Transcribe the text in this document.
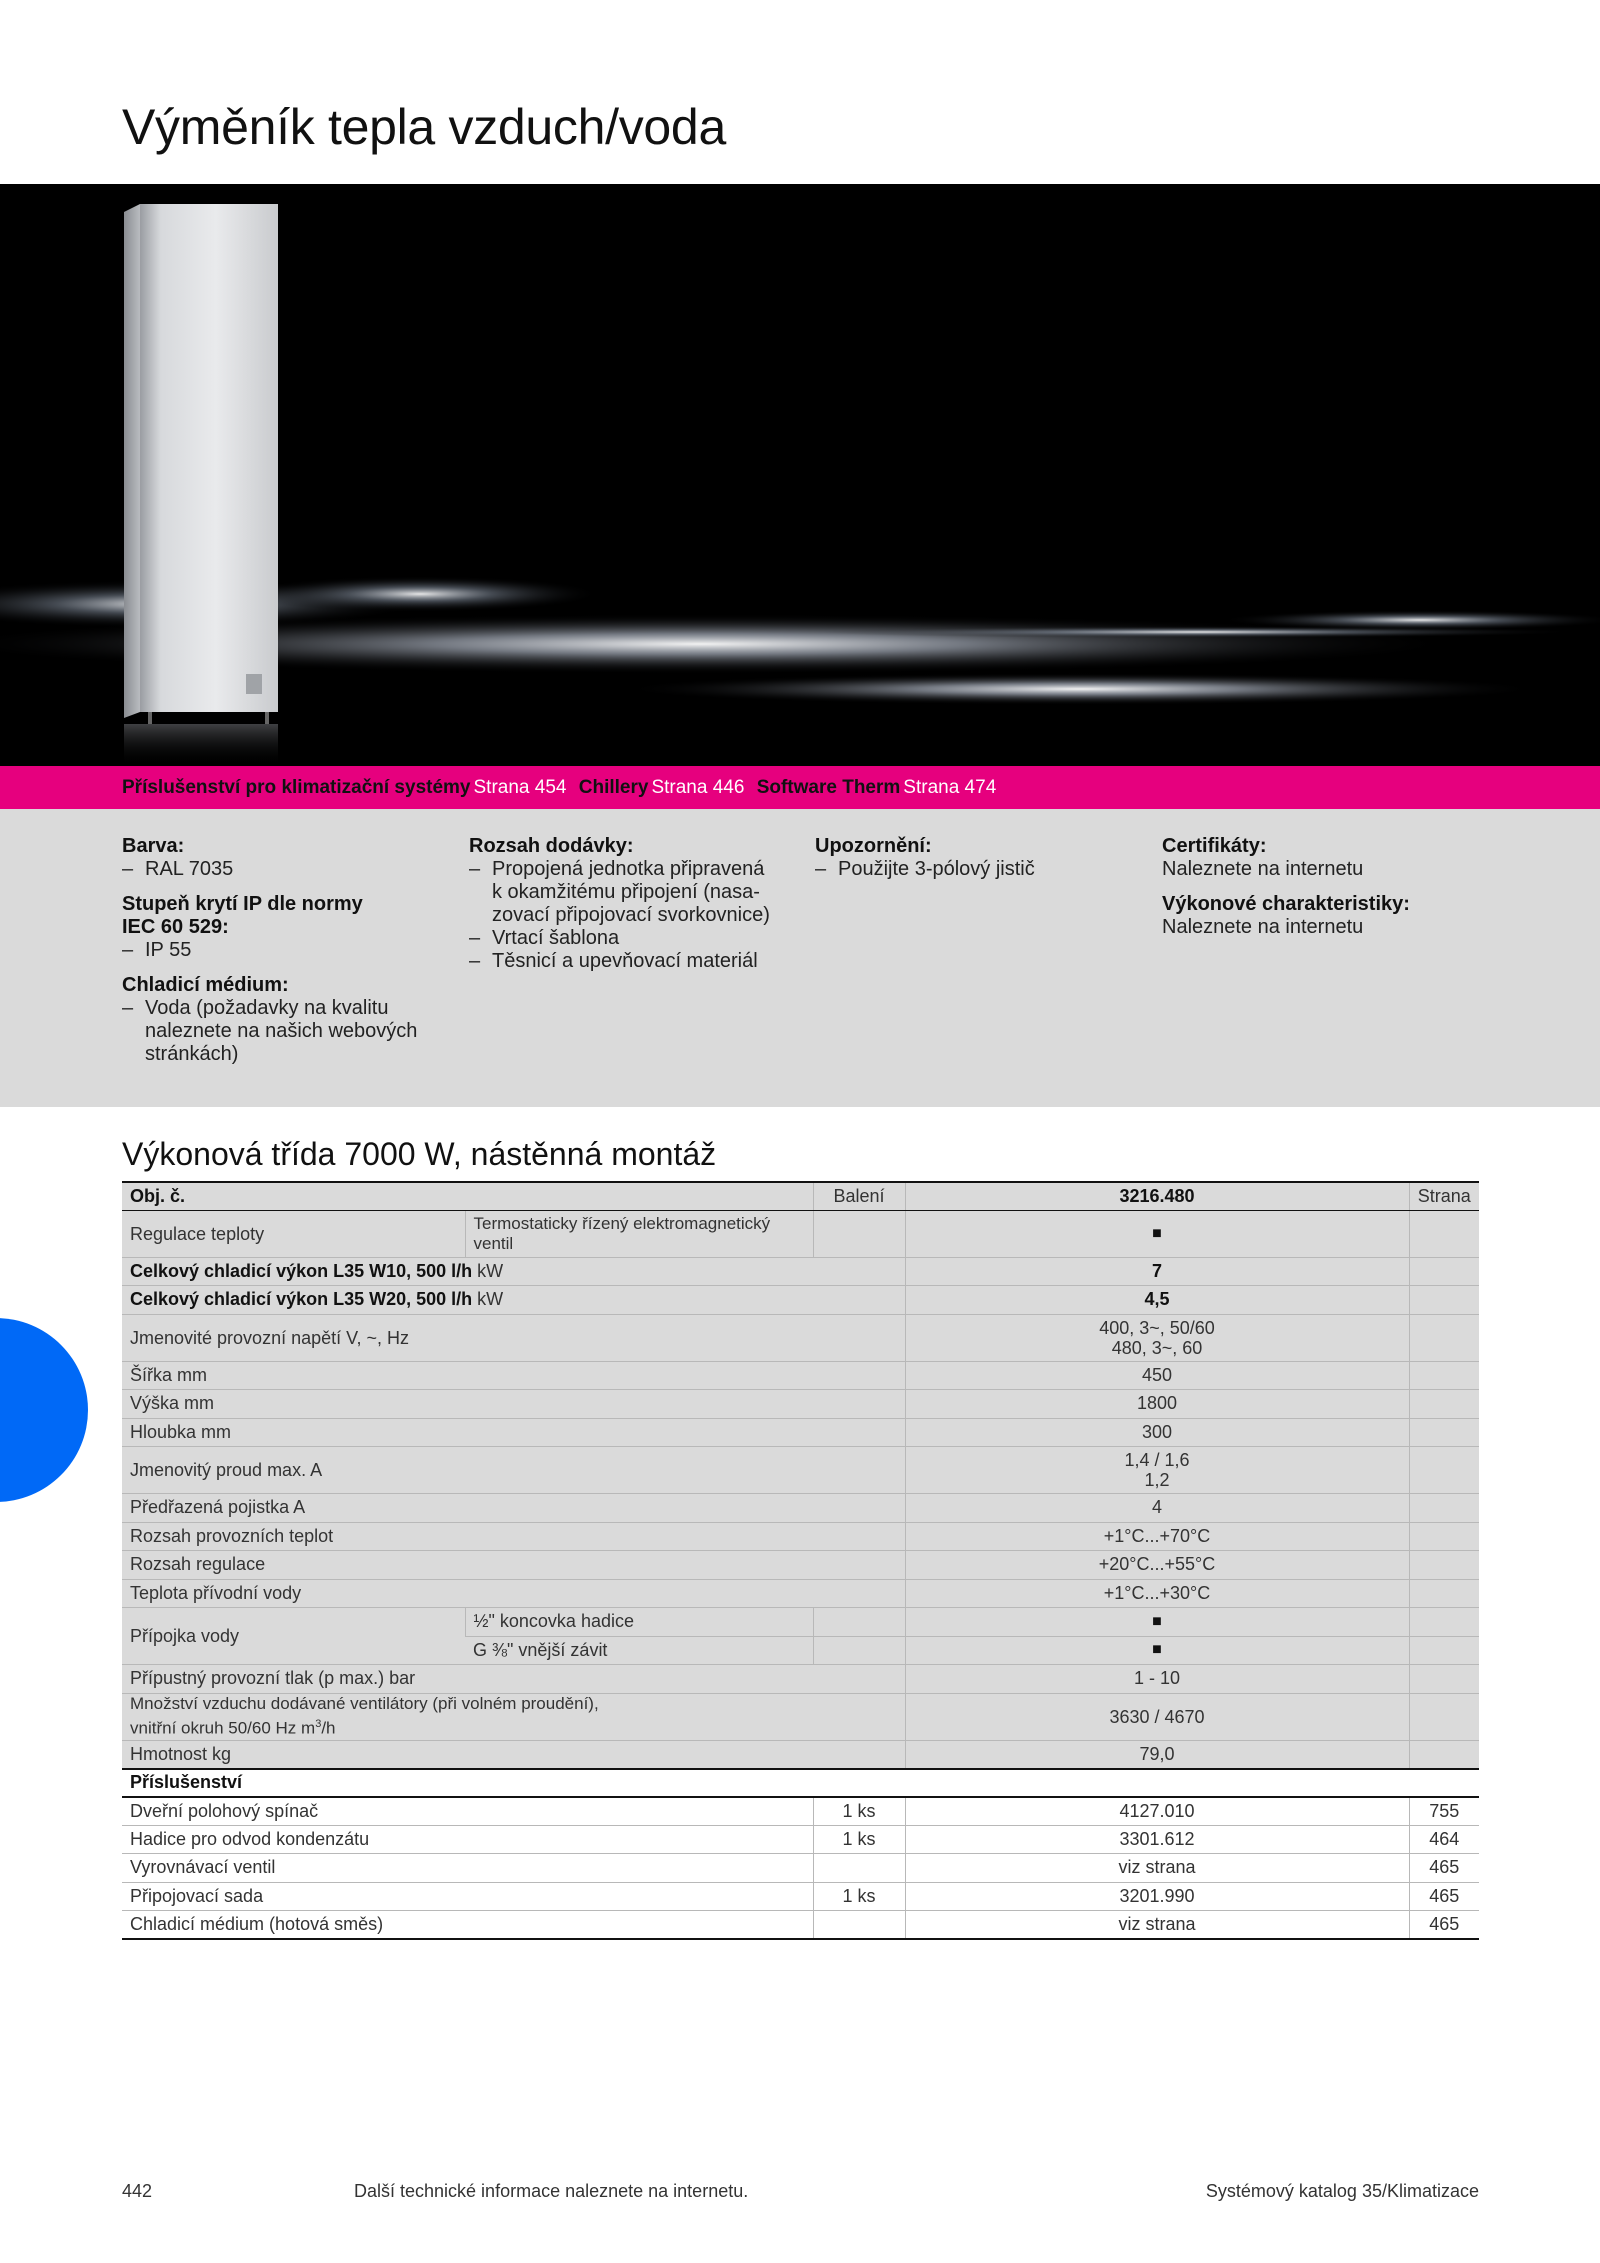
Výměník tepla vzduch/voda
Příslušenství pro klimatizační systémy Strana 454 Chillery Strana 446 Software Therm Strana 474
Barva:
– RAL 7035
Stupeň krytí IP dle normy
IEC 60 529:
– IP 55
Chladicí médium:
– Voda (požadavky na kvalitu
naleznete na našich webových
stránkách)
Rozsah dodávky:
– Propojená jednotka připravená
k okamžitému připojení (nasa-
zovací připojovací svorkovnice)
– Vrtací šablona
– Těsnicí a upevňovací materiál
Upozornění:
– Použijte 3-pólový jistič
Certifikáty:
Naleznete na internetu
Výkonové charakteristiky:
Naleznete na internetu
Výkonová třída 7000 W, nástěnná montáž
Obj. č.		Balení	3216.480	Strana
Regulace teploty	Termostaticky řízený elektromagnetický ventil		■	
Celkový chladicí výkon L35 W10, 500 l/h kW			7	
Celkový chladicí výkon L35 W20, 500 l/h kW			4,5	
Jmenovité provozní napětí V, ~, Hz			400, 3~, 50/60
480, 3~, 60	

Šířka mm			450	
Výška mm			1800	
Hloubka mm			300	
Jmenovitý proud max. A			1,4 / 1,6
1,2	

Předřazená pojistka A			4	
Rozsah provozních teplot			+1°C...+70°C	
Rozsah regulace			+20°C...+55°C	
Teplota přívodní vody			+1°C...+30°C	
Přípojka vody	½" koncovka hadice		■	
	G ⅜" vnější závit		■	
Přípustný provozní tlak (p max.) bar			1 - 10	

Množství vzduchu dodávané ventilátory (při volném proudění),
vnitřní okruh 50/60 Hz $m^3/h$			3630 / 4670	
Hmotnost kg			79,0	
Příslušenství				
Dveřní polohový spínač		1 ks	4127.010	755
Hadice pro odvod kondenzátu		1 ks	3301.612	464
Vyrovnávací ventil			viz strana	465
Připojovací sada		1 ks	3201.990	465
Chladicí médium (hotová směs)			viz strana	465
442	Další technické informace naleznete na internetu.	Systémový katalog 35/Klimatizace
